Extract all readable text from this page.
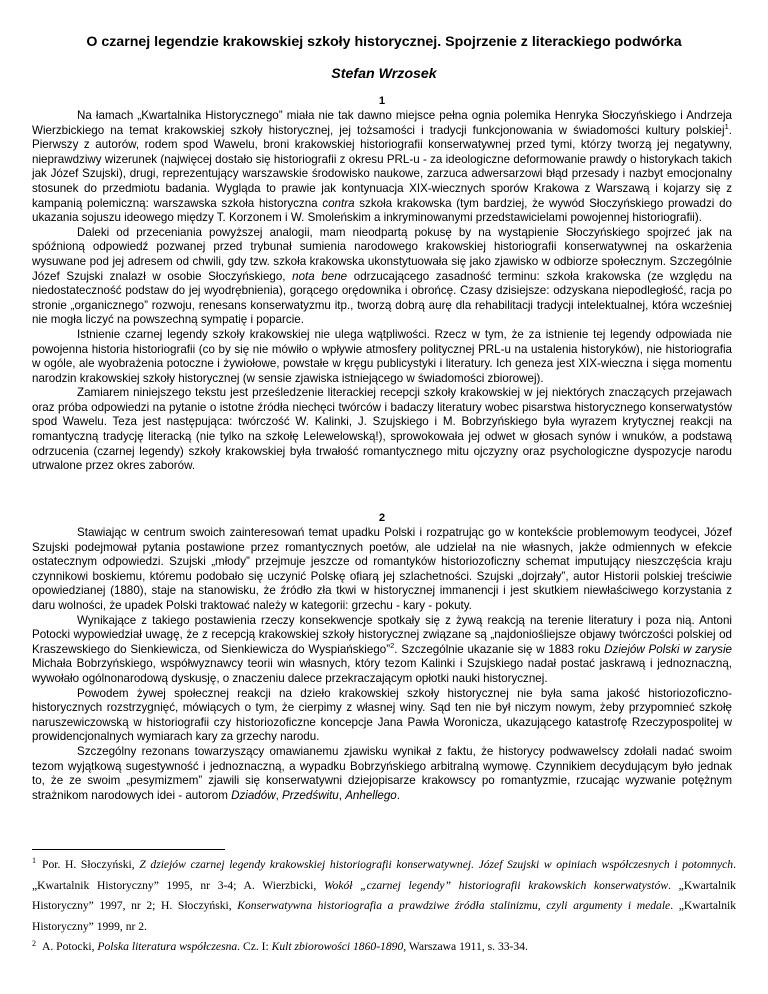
O czarnej legendzie krakowskiej szkoły historycznej. Spojrzenie z literackiego podwórka
Stefan Wrzosek
1

Na łamach „Kwartalnika Historycznego” miała nie tak dawno miejsce pełna ognia polemika Henryka Słoczyńskiego i Andrzeja Wierzbickiego na temat krakowskiej szkoły historycznej, jej tożsamości i tradycji funkcjonowania w świadomości kultury polskiej$^1$. Pierwszy z autorów, rodem spod Wawelu, broni krakowskiej historiografii konserwatywnej przed tymi, którzy tworzą jej negatywny, nieprawdziwy wizerunek (najwięcej dostało się historiografii z okresu PRL-u - za ideologiczne deformowanie prawdy o historykach takich jak Józef Szujski), drugi, reprezentujący warszawskie środowisko naukowe, zarzuca adwersarzowi błąd przesady i nazbyt emocjonalny stosunek do przedmiotu badania. Wygląda to prawie jak kontynuacja XIX-wiecznych sporów Krakowa z Warszawą i kojarzy się z kampanią polemiczną: warszawska szkoła historyczna contra szkoła krakowska (tym bardziej, że wywód Słoczyńskiego prowadzi do ukazania sojuszu ideowego między T. Korzonem i W. Smoleńskim a inkryminowanymi przedstawicielami powojennej historiografii).

Daleki od przeceniania powyższej analogii, mam nieodpartą pokusę by na wystąpienie Słoczyńskiego spojrzeć jak na spóźnioną odpowiedź pozwanej przed trybunał sumienia narodowego krakowskiej historiografii konserwatywnej na oskarżenia wysuwane pod jej adresem od chwili, gdy tzw. szkoła krakowska ukonstytuowała się jako zjawisko w odbiorze społecznym. Szczególnie Józef Szujski znalazł w osobie Słoczyńskiego, nota bene odrzucającego zasadność terminu: szkoła krakowska (ze względu na niedostateczność podstaw do jej wyodrębnienia), gorącego orędownika i obrońcę. Czasy dzisiejsze: odzyskana niepodległość, racja po stronie „organicznego” rozwoju, renesans konserwatyzmu itp., tworzą dobrą aurę dla rehabilitacji tradycji intelektualnej, która wcześniej nie mogła liczyć na powszechną sympatię i poparcie.

Istnienie czarnej legendy szkoły krakowskiej nie ulega wątpliwości. Rzecz w tym, że za istnienie tej legendy odpowiada nie powojenna historia historiografii (co by się nie mówiło o wpływie atmosfery politycznej PRL-u na ustalenia historyków), nie historiografia w ogóle, ale wyobrażenia potoczne i żywiołowe, powstałe w kręgu publicystyki i literatury. Ich geneza jest XIX-wieczna i sięga momentu narodzin krakowskiej szkoły historycznej (w sensie zjawiska istniejącego w świadomości zbiorowej).

Zamiarem niniejszego tekstu jest prześledzenie literackiej recepcji szkoły krakowskiej w jej niektórych znaczących przejawach oraz próba odpowiedzi na pytanie o istotne źródła niechęci twórców i badaczy literatury wobec pisarstwa historycznego konserwatystów spod Wawelu. Teza jest następująca: twórczość W. Kalinki, J. Szujskiego i M. Bobrzyńskiego była wyrazem krytycznej reakcji na romantyczną tradycję literacką (nie tylko na szkołę Lelewelowską!), sprowokowała jej odwet w głosach synów i wnuków, a podstawą odrzucenia (czarnej legendy) szkoły krakowskiej była trwałość romantycznego mitu ojczyzny oraz psychologiczne dyspozycje narodu utrwalone przez okres zaborów.

2

Stawiając w centrum swoich zainteresowań temat upadku Polski i rozpatrując go w kontekście problemowym teodycei, Józef Szujski podejmował pytania postawione przez romantycznych poetów, ale udzielał na nie własnych, jakże odmiennych w efekcie ostatecznym odpowiedzi. Szujski „młody” przejmuje jeszcze od romantyków historiozoficzny schemat imputujący nieszczęścia kraju czynnikowi boskiemu, któremu podobało się uczynić Polskę ofiarą jej szlachetności. Szujski „dojrzały”, autor Historii polskiej treściwie opowiedzianej (1880), staje na stanowisku, że źródło zła tkwi w historycznej immanencji i jest skutkiem niewłaściwego korzystania z daru wolności, że upadek Polski traktować należy w kategorii: grzechu - kary - pokuty.

Wynikające z takiego postawienia rzeczy konsekwencje spotkały się z żywą reakcją na terenie literatury i poza nią. Antoni Potocki wypowiedział uwagę, że z recepcją krakowskiej szkoły historycznej związane są „najdoniośliejsze objawy twórczości polskiej od Kraszewskiego do Sienkiewicza, od Sienkiewicza do Wyspiańskiego”$^2$. Szczególnie ukazanie się w 1883 roku Dziejów Polski w zarysie Michała Bobrzyńskiego, współwyznawcy teorii win własnych, który tezom Kalinki i Szujskiego nadał postać jaskrawą i jednoznaczną, wywołało ogólnonarodową dyskusję, o znaczeniu dalece przekraczającym opłotki nauki historycznej.

Powodem żywej społecznej reakcji na dzieło krakowskiej szkoły historycznej nie była sama jakość historiozoficzno-historycznych rozstrzygnięć, mówiących o tym, że cierpimy z własnej winy. Sąd ten nie był niczym nowym, żeby przypomnieć szkołę naruszewiczowską w historiografii czy historiozoficzne koncepcje Jana Pawła Woronicza, ukazującego katastrofę Rzeczypospolitej w prowidencjonalnych wymiarach kary za grzechy narodu.

Szczególny rezonans towarzyszący omawianemu zjawisku wynikał z faktu, że historycy podwawelscy zdołali nadać swoim tezom wyjątkową sugestywność i jednoznaczną, a wypadku Bobrzyńskiego arbitralną wymowę. Czynnikiem decydującym było jednak to, że ze swoim „pesymizmem” zjawili się konserwatywni dziejopisarze krakowscy po romantyzmie, rzucając wyzwanie potężnym strażnikom narodowych idei - autorom Dziadów, Przedświtu, Anhellego.

$^1$ Por. H. Słoczyński, Z dziejów czarnej legendy krakowskiej historiografii konserwatywnej. Józef Szujski w opiniach współczesnych i potomnych. „Kwartalnik Historyczny” 1995, nr 3-4; A. Wierzbicki, Wokół „czarnej legendy” historiografii krakowskich konserwatystów. „Kwartalnik Historyczny” 1997, nr 2; H. Słoczyński, Konserwatywna historiografia a prawdziwe źródła stalinizmu, czyli argumenty i medale. „Kwartalnik Historyczny” 1999, nr 2.

$^2$ A. Potocki, Polska literatura współczesna. Cz. I: Kult zbiorowości 1860-1890, Warszawa 1911, s. 33-34.
